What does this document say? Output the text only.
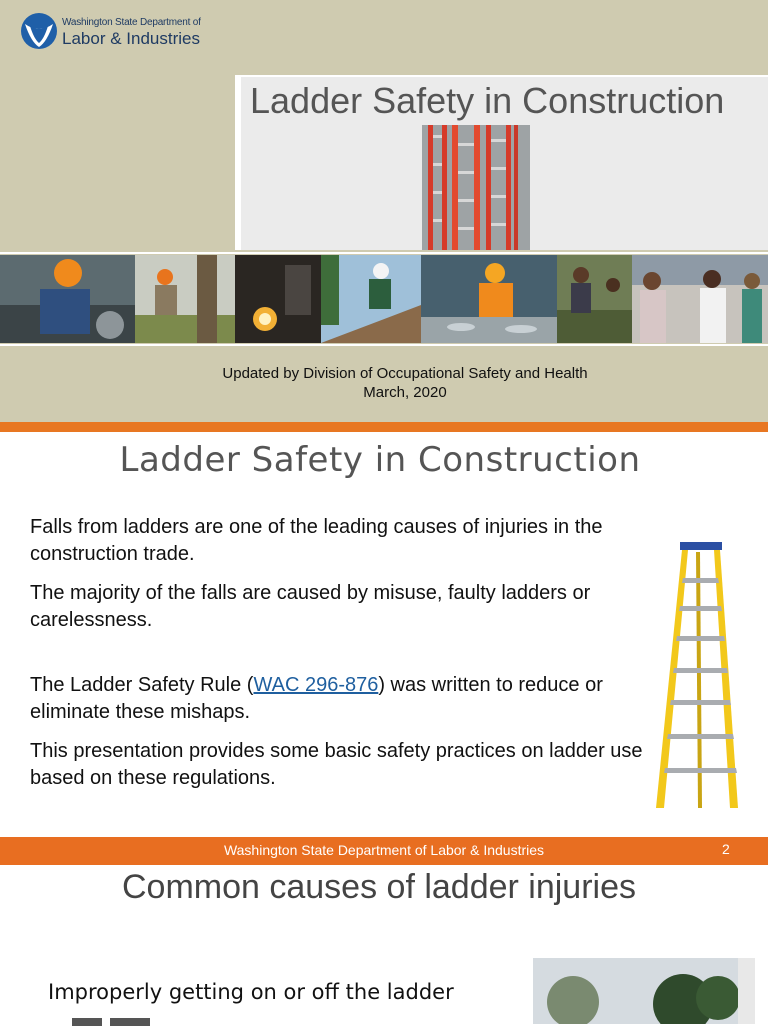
Washington State Department of
Labor & Industries
Ladder Safety in Construction
Updated by Division of Occupational Safety and Health
March, 2020
Ladder Safety in Construction
Falls from ladders are one of the leading causes of injuries in the construction trade.
The majority of the falls are caused by misuse, faulty ladders or carelessness.
The Ladder Safety Rule (WAC 296-876) was written to reduce or eliminate these mishaps.
This presentation provides some basic safety practices on ladder use based on these regulations.
Washington State Department of Labor & Industries	2
Common causes of ladder injuries
Improperly getting on or off the ladder
